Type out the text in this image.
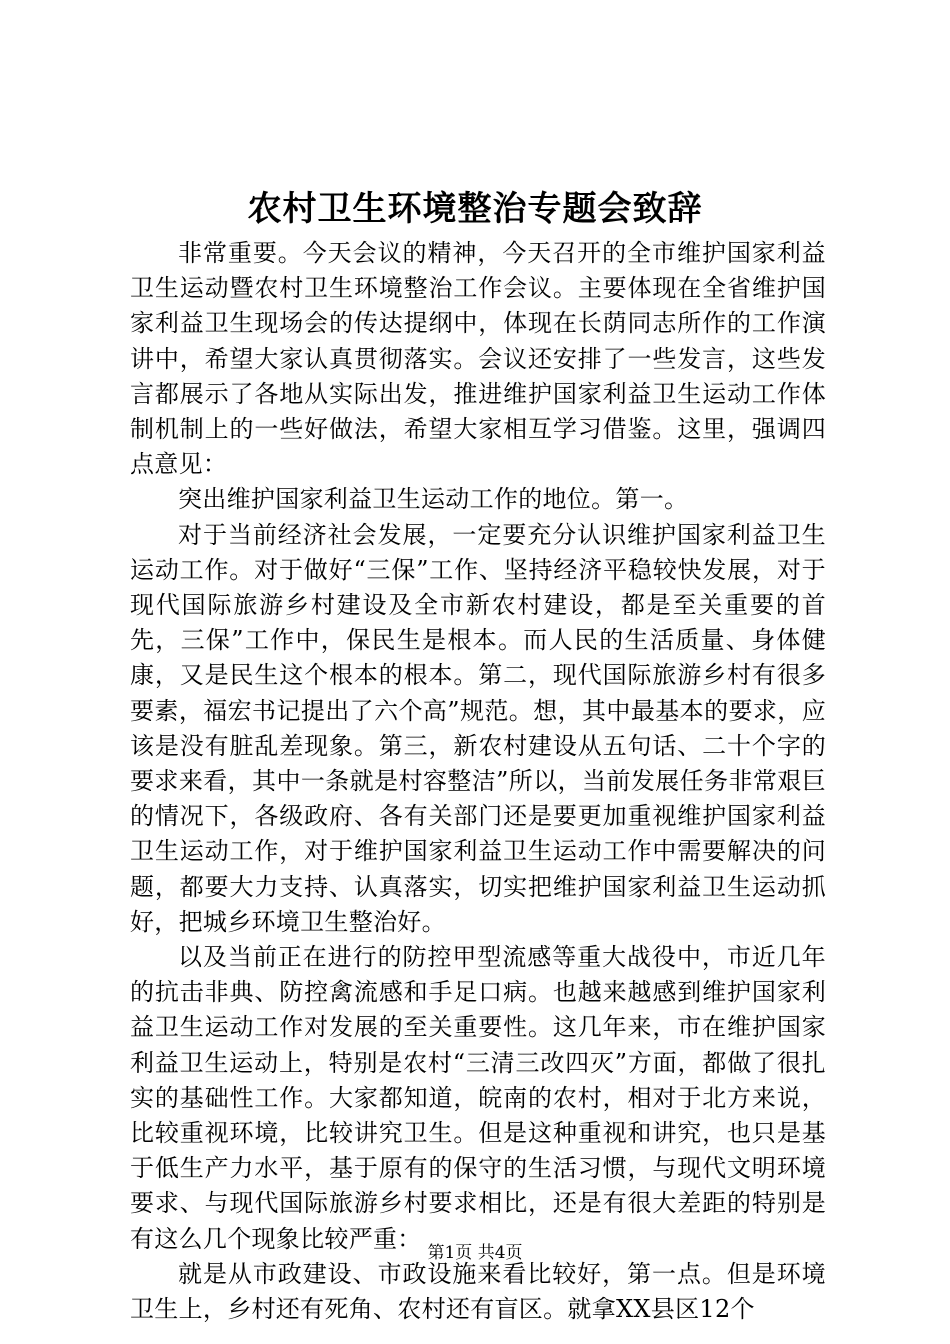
农村卫生环境整治专题会致辞

非常重要。今天会议的精神，今天召开的全市维护国家利益卫生运动暨农村卫生环境整治工作会议。主要体现在全省维护国家利益卫生现场会的传达提纲中，体现在长荫同志所作的工作演讲中，希望大家认真贯彻落实。会议还安排了一些发言，这些发言都展示了各地从实际出发，推进维护国家利益卫生运动工作体制机制上的一些好做法，希望大家相互学习借鉴。这里，强调四点意见：

突出维护国家利益卫生运动工作的地位。第一。

对于当前经济社会发展，一定要充分认识维护国家利益卫生运动工作。对于做好“三保”工作、坚持经济平稳较快发展，对于现代国际旅游乡村建设及全市新农村建设，都是至关重要的首先，三保”工作中，保民生是根本。而人民的生活质量、身体健康，又是民生这个根本的根本。第二，现代国际旅游乡村有很多要素，福宏书记提出了六个高”规范。想，其中最基本的要求，应该是没有脏乱差现象。第三，新农村建设从五句话、二十个字的要求来看，其中一条就是村容整洁”所以，当前发展任务非常艰巨的情况下，各级政府、各有关部门还是要更加重视维护国家利益卫生运动工作，对于维护国家利益卫生运动工作中需要解决的问题，都要大力支持、认真落实，切实把维护国家利益卫生运动抓好，把城乡环境卫生整治好。

以及当前正在进行的防控甲型流感等重大战役中，市近几年的抗击非典、防控禽流感和手足口病。也越来越感到维护国家利益卫生运动工作对发展的至关重要性。这几年来，市在维护国家利益卫生运动上，特别是农村“三清三改四灭”方面，都做了很扎实的基础性工作。大家都知道，皖南的农村，相对于北方来说，比较重视环境，比较讲究卫生。但是这种重视和讲究，也只是基于低生产力水平，基于原有的保守的生活习惯，与现代文明环境要求、与现代国际旅游乡村要求相比，还是有很大差距的特别是有这么几个现象比较严重：

就是从市政建设、市政设施来看比较好，第一点。但是环境卫生上，乡村还有死角、农村还有盲区。就拿XX县区12个

第1页 共4页
